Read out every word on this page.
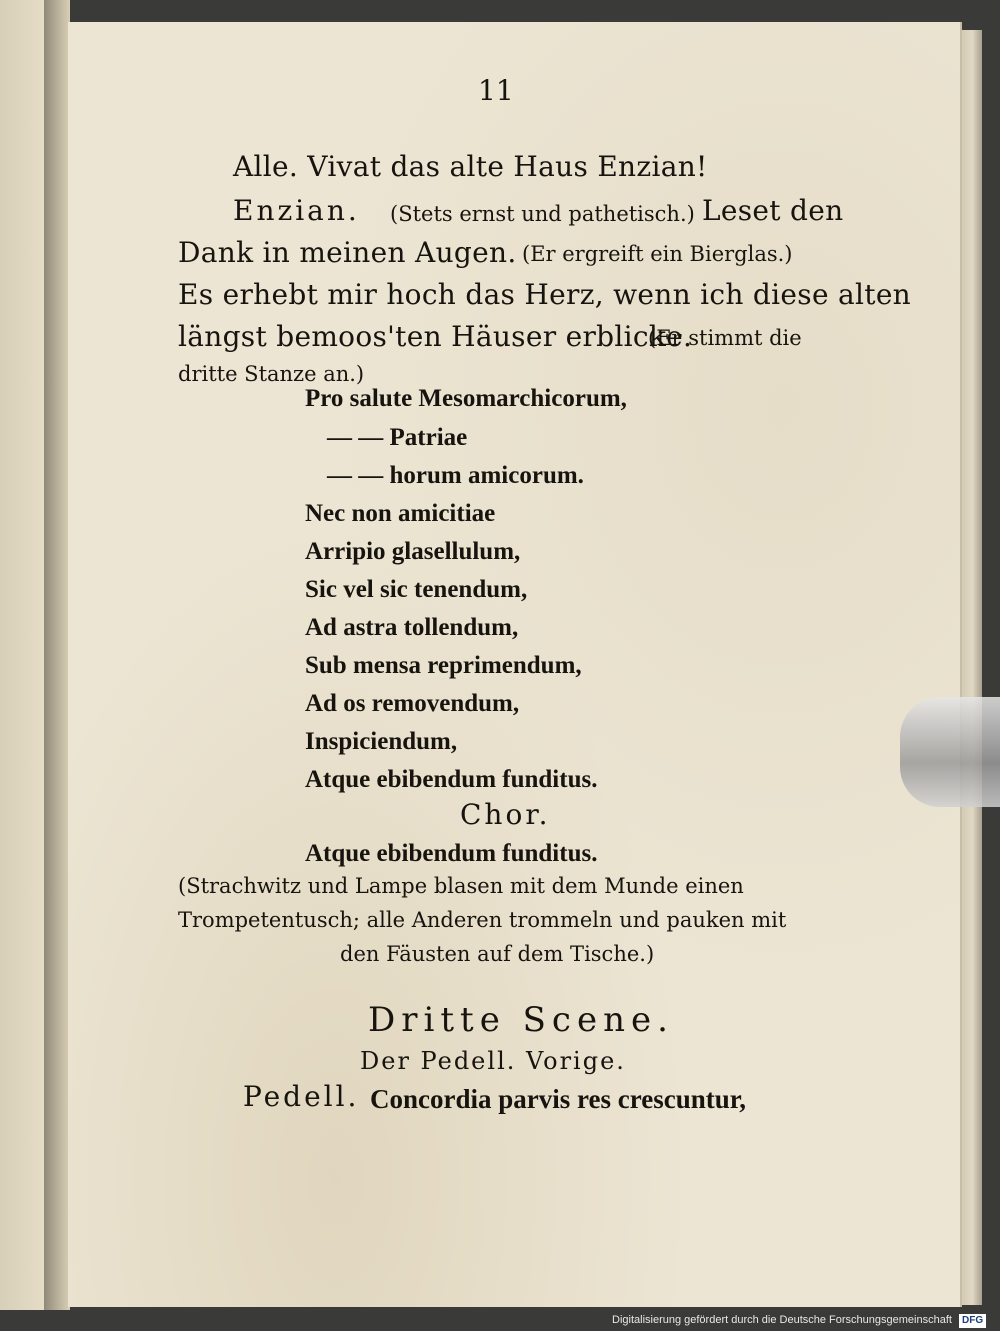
11
Alle. Vivat das alte Haus Enzian!
Enzian. (Stets ernst und pathetisch.) Leset den
Dank in meinen Augen. (Er ergreift ein Bierglas.)
Es erhebt mir hoch das Herz, wenn ich diese alten
längst bemoos'ten Häuser erblicke.
(Er stimmt die
dritte Stanze an.)
Pro salute Mesomarchicorum,
— — Patriae
— — horum amicorum.
Nec non amicitiae
Arripio glasellulum,
Sic vel sic tenendum,
Ad astra tollendum,
Sub mensa reprimendum,
Ad os removendum,
Inspiciendum,
Atque ebibendum funditus.
Chor.
Atque ebibendum funditus.
(Strachwitz und Lampe blasen mit dem Munde einen
Trompetentusch; alle Anderen trommeln und pauken mit
den Fäusten auf dem Tische.)
Dritte Scene.
Der Pedell. Vorige.
Pedell. Concordia parvis res crescuntur,
Digitalisierung gefördert durch die Deutsche Forschungsgemeinschaft DFG
